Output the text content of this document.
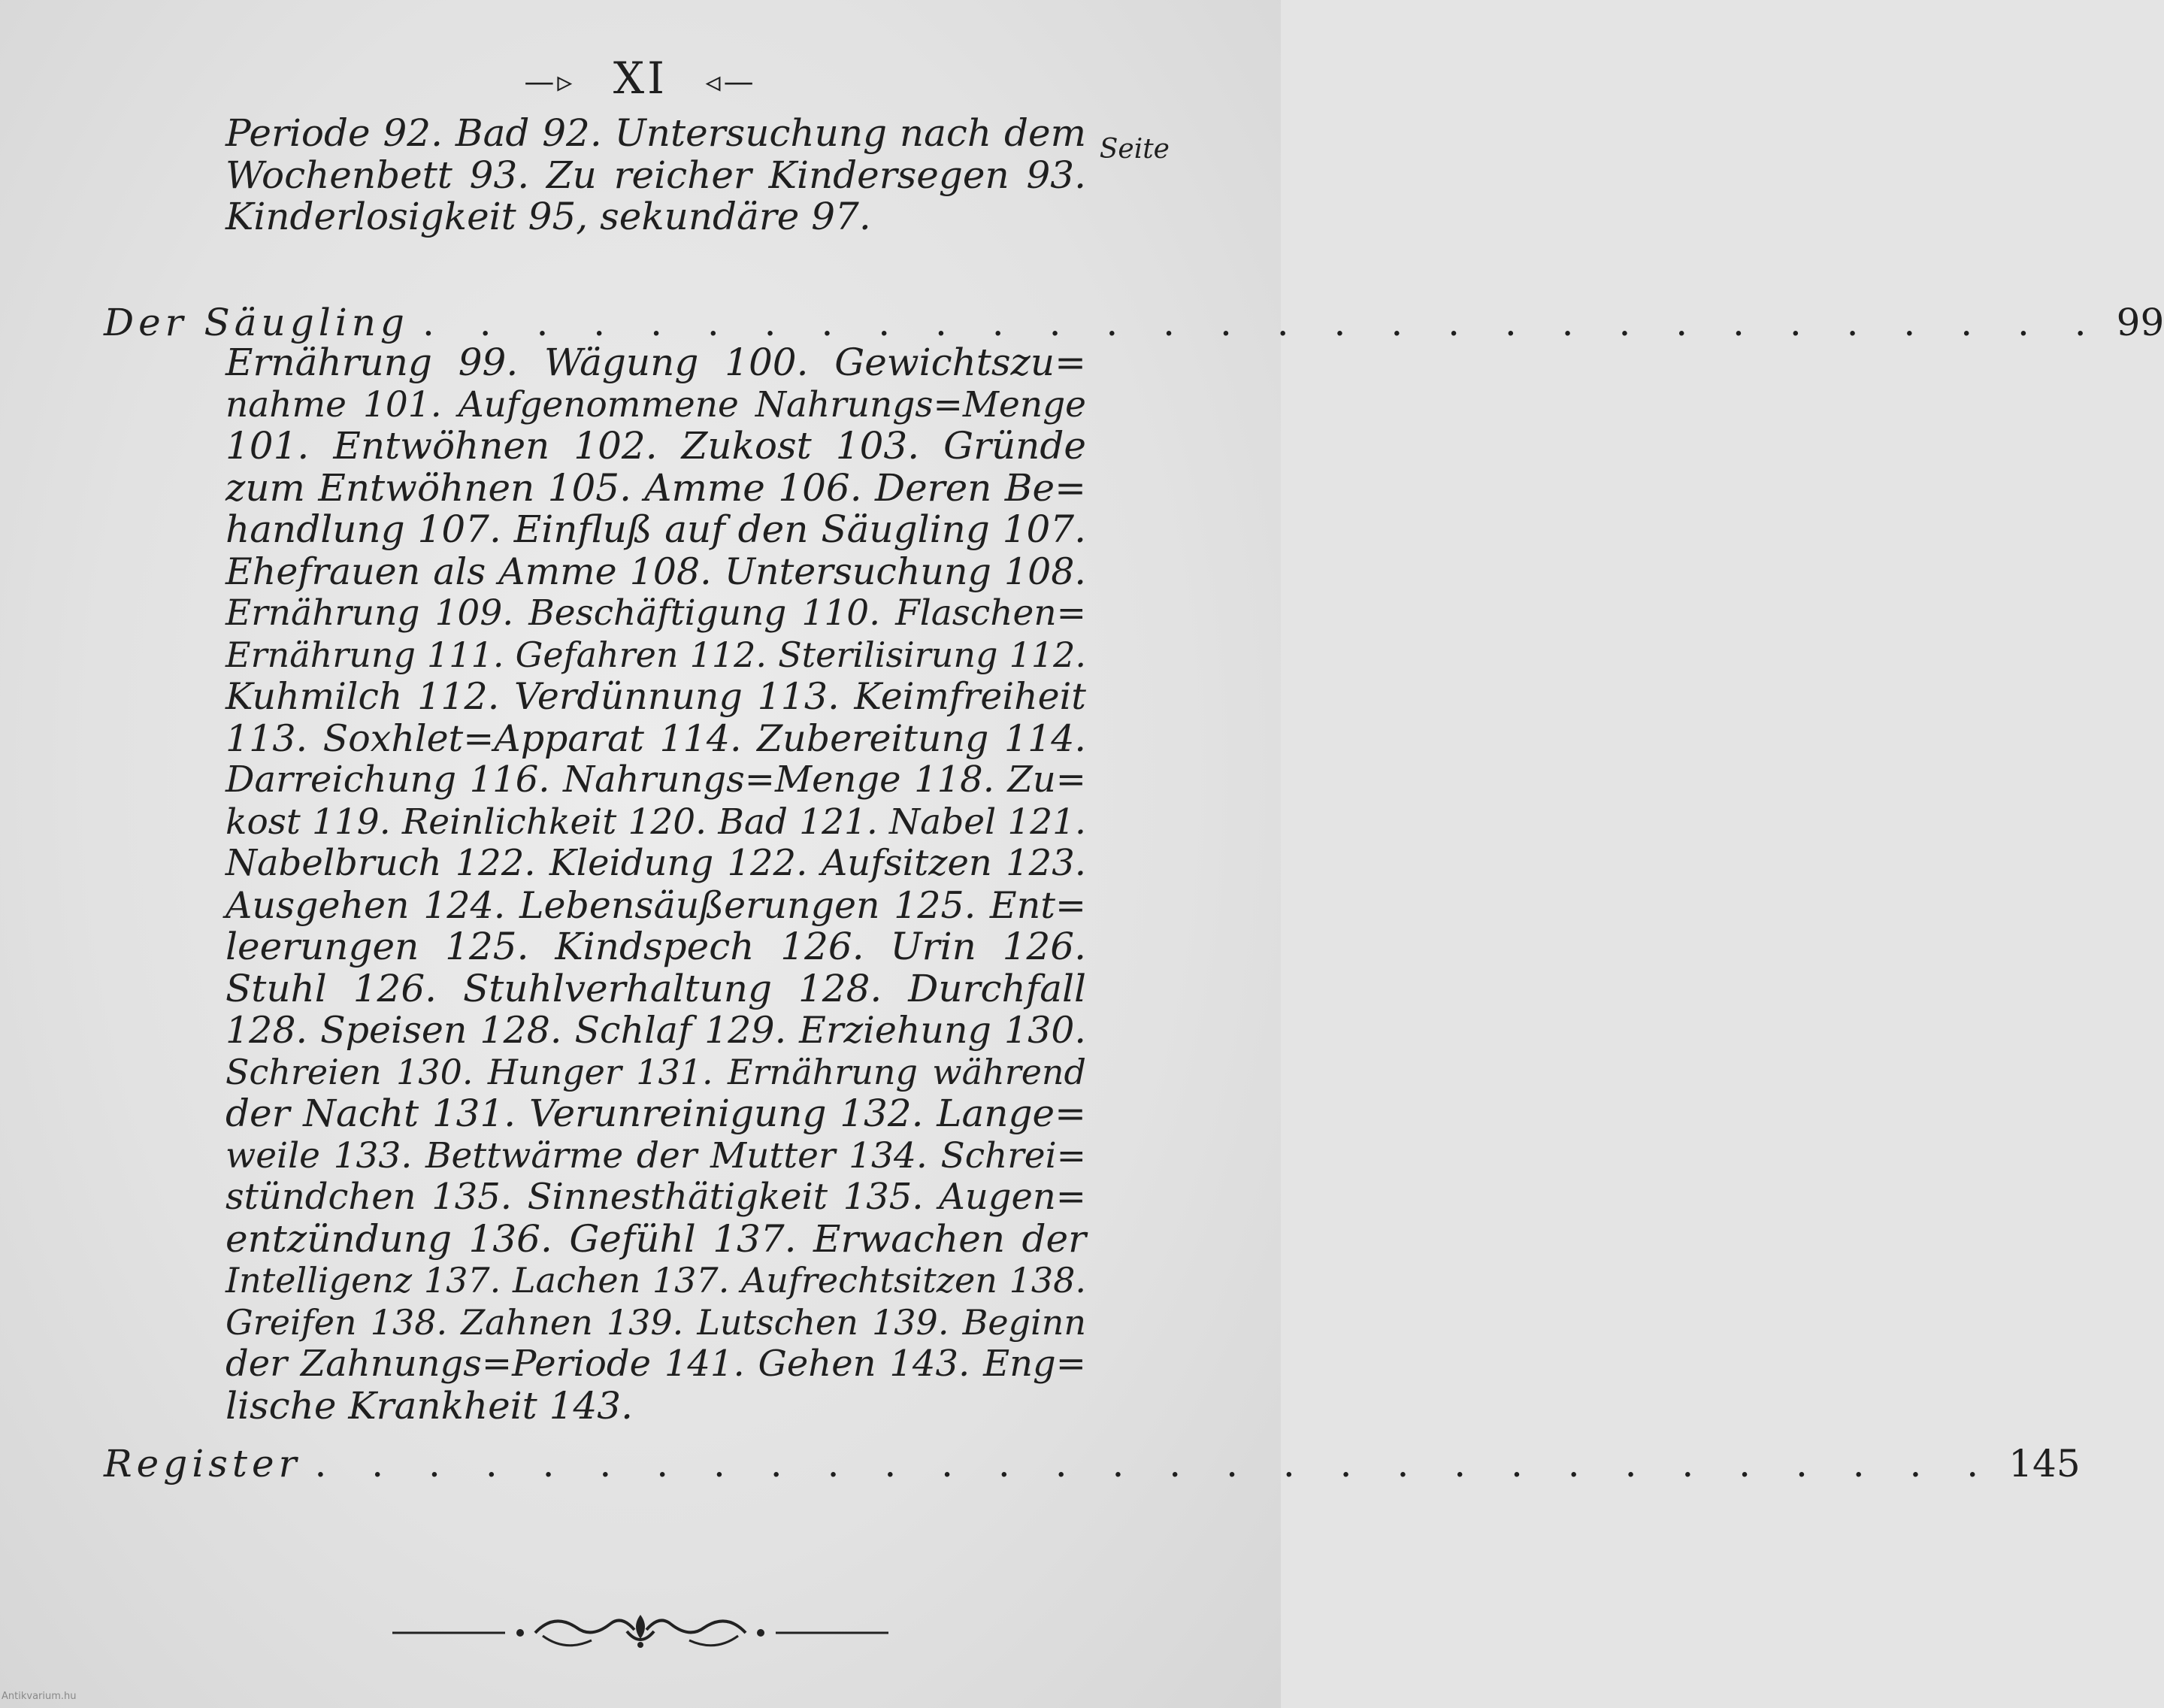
—▹ XI ◃—
Seite
Periode 92. Bad 92. Untersuchung nach dem
Wochenbett 93. Zu reicher Kindersegen 93.
Kinderlosigkeit 95, sekundäre 97.
Der Säugling . . . . . . . . . . . . . . . . . . . . . . . . . . . . . . 99
Ernährung 99. Wägung 100. Gewichtszu=
nahme 101. Aufgenommene Nahrungs=Menge
101. Entwöhnen 102. Zukost 103. Gründe
zum Entwöhnen 105. Amme 106. Deren Be=
handlung 107. Einfluß auf den Säugling 107.
Ehefrauen als Amme 108. Untersuchung 108.
Ernährung 109. Beschäftigung 110. Flaschen=
Ernährung 111. Gefahren 112. Sterilisirung 112.
Kuhmilch 112. Verdünnung 113. Keimfreiheit
113. Soxhlet=Apparat 114. Zubereitung 114.
Darreichung 116. Nahrungs=Menge 118. Zu=
kost 119. Reinlichkeit 120. Bad 121. Nabel 121.
Nabelbruch 122. Kleidung 122. Aufsitzen 123.
Ausgehen 124. Lebensäußerungen 125. Ent=
leerungen 125. Kindspech 126. Urin 126.
Stuhl 126. Stuhlverhaltung 128. Durchfall
128. Speisen 128. Schlaf 129. Erziehung 130.
Schreien 130. Hunger 131. Ernährung während
der Nacht 131. Verunreinigung 132. Lange=
weile 133. Bettwärme der Mutter 134. Schrei=
stündchen 135. Sinnesthätigkeit 135. Augen=
entzündung 136. Gefühl 137. Erwachen der
Intelligenz 137. Lachen 137. Aufrechtsitzen 138.
Greifen 138. Zahnen 139. Lutschen 139. Beginn
der Zahnungs=Periode 141. Gehen 143. Eng=
lische Krankheit 143.
Register . . . . . . . . . . . . . . . . . . . . . . . . . . . . . . 145
Antikvarium.hu
